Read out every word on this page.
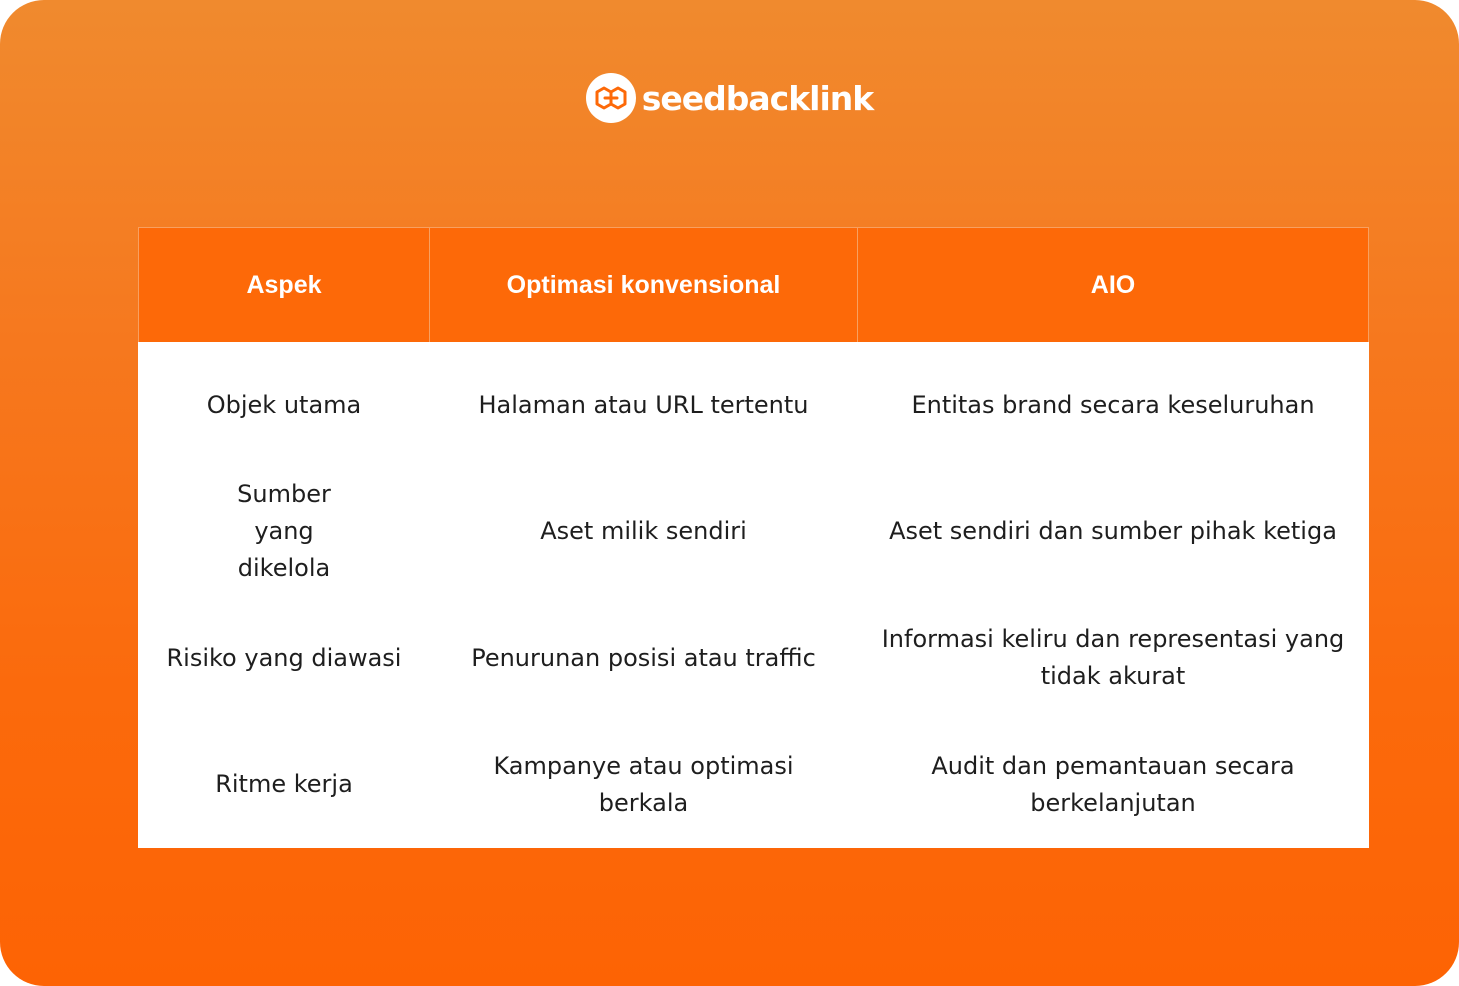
seedbacklink
Aspek	Optimasi konvensional	AIO
Objek utama	Halaman atau URL tertentu	Entitas brand secara keseluruhan
Sumber yang dikelola	Aset milik sendiri	Aset sendiri dan sumber pihak ketiga
Risiko yang diawasi	Penurunan posisi atau traffic	Informasi keliru dan representasi yang tidak akurat
Ritme kerja	Kampanye atau optimasi berkala	Audit dan pemantauan secara berkelanjutan
